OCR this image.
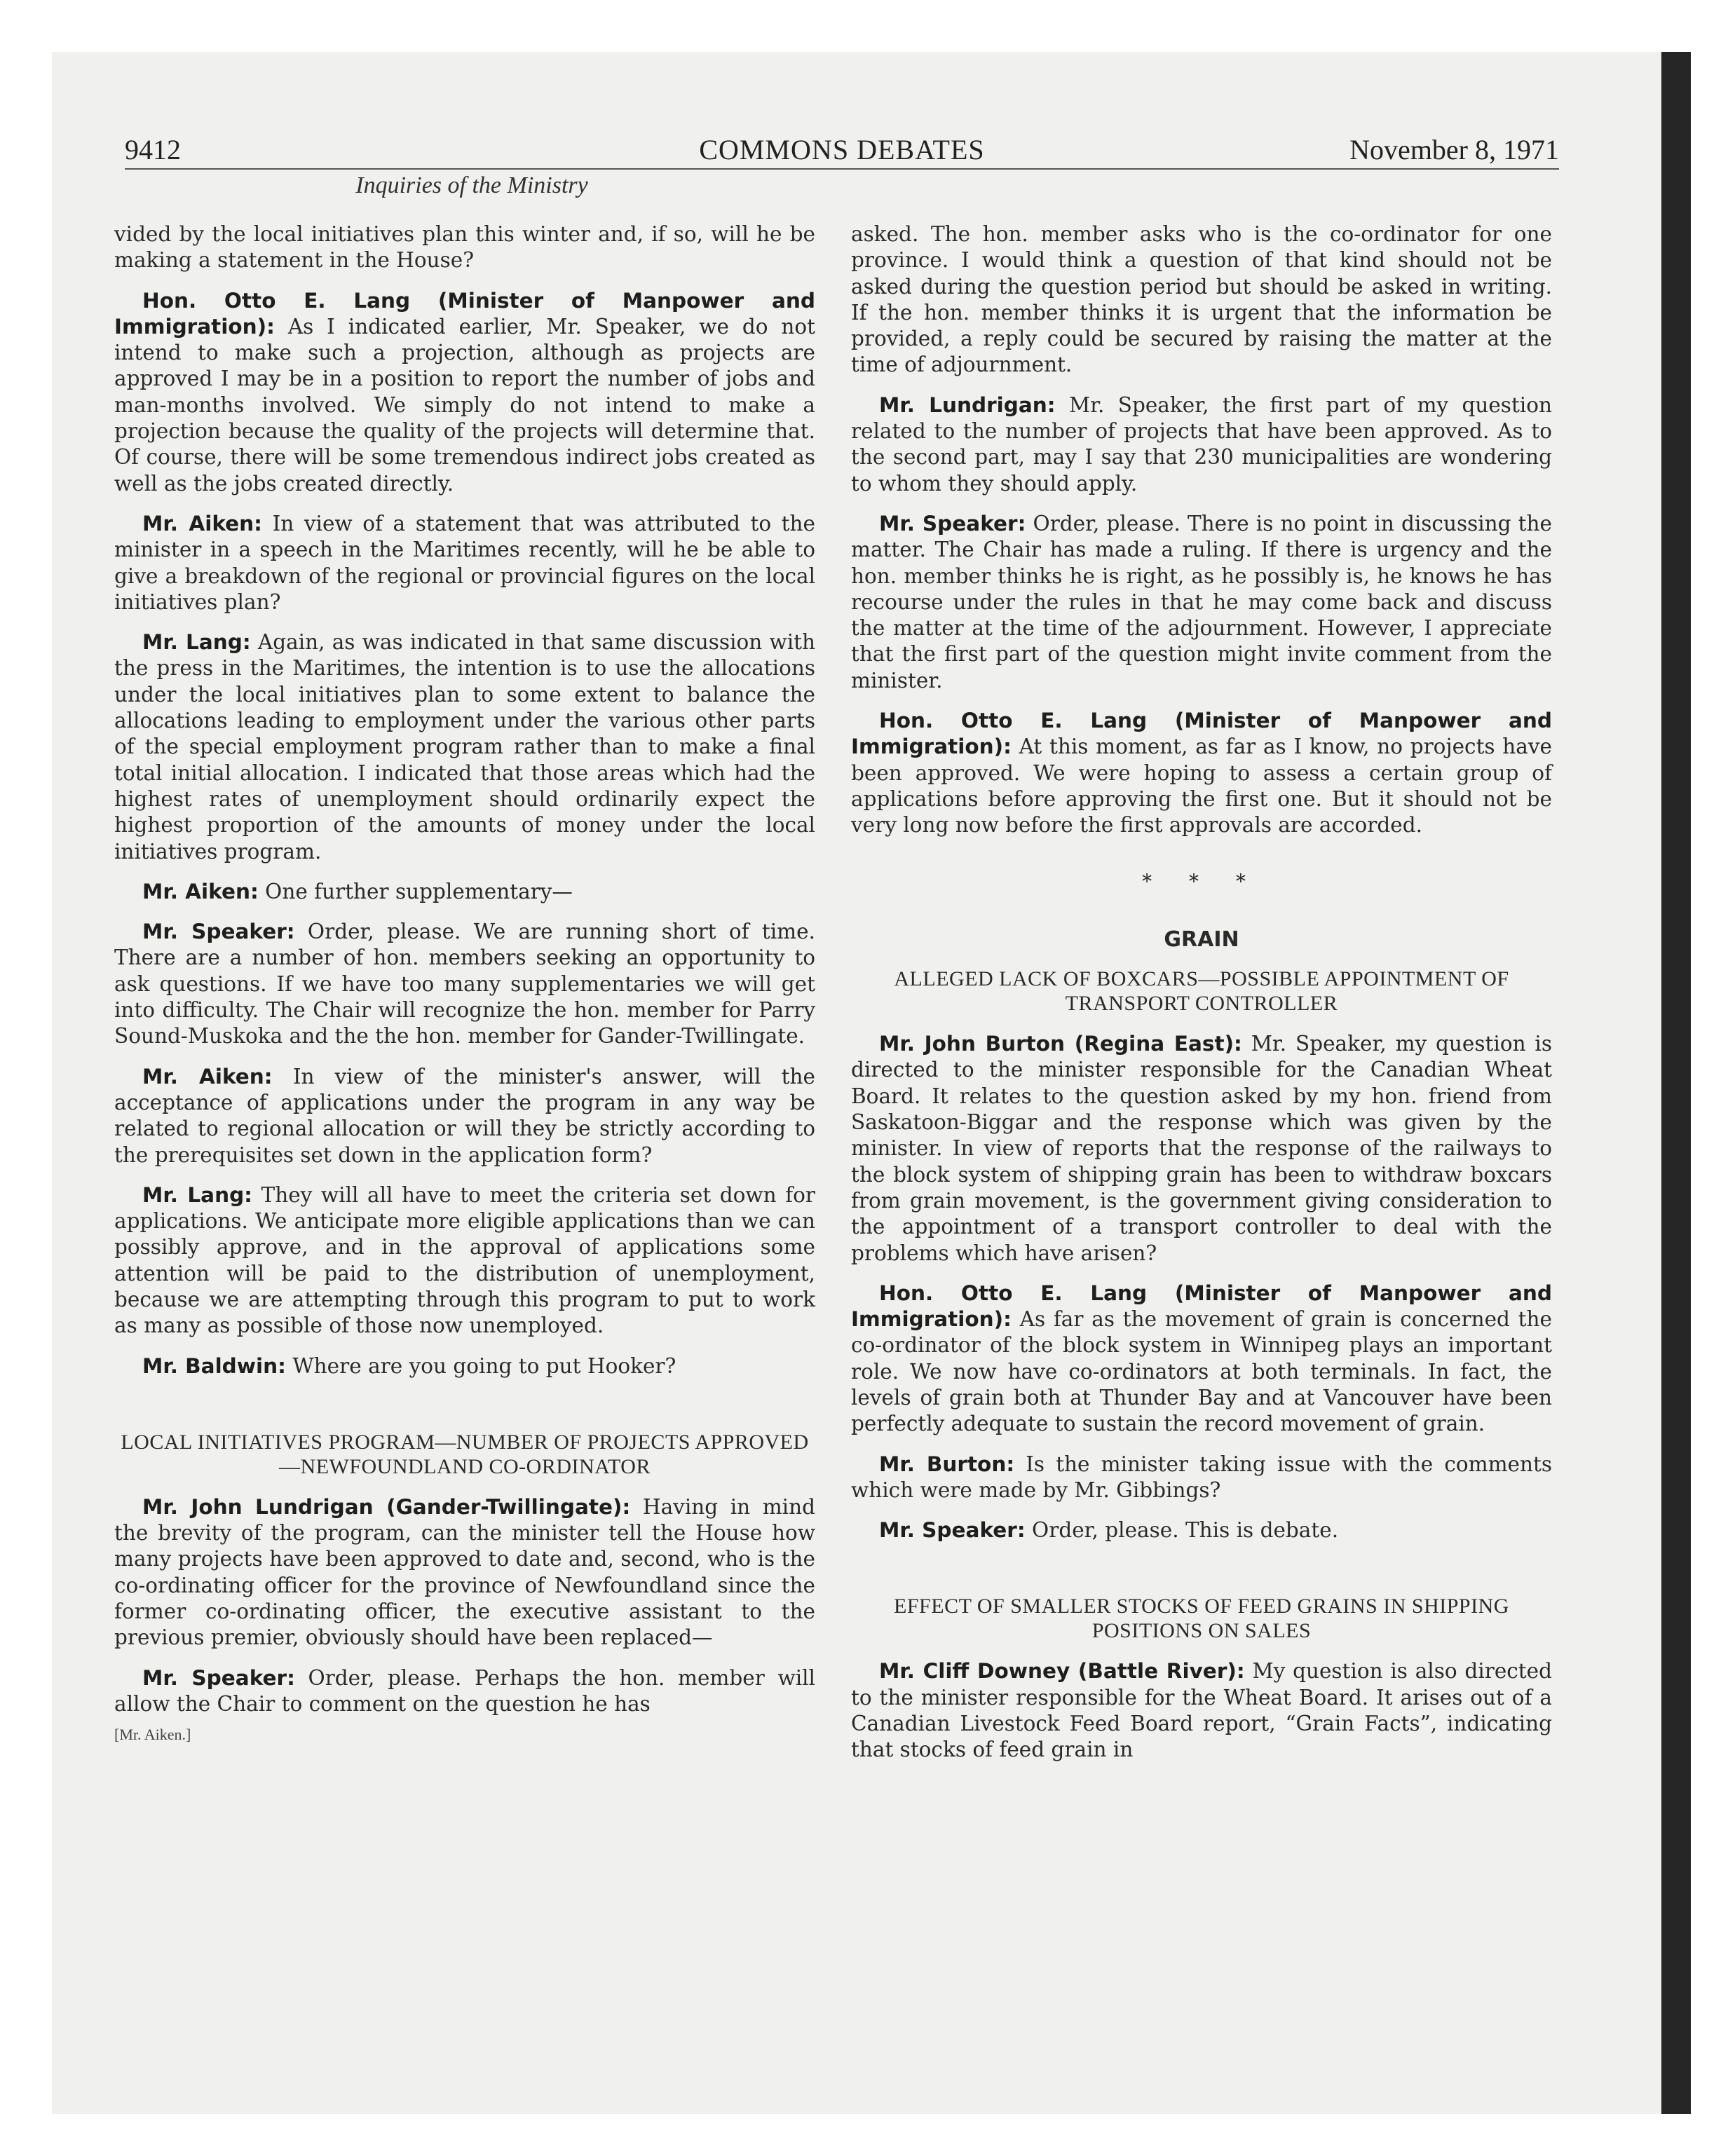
9412	COMMONS DEBATES	November 8, 1971
Inquiries of the Ministry

vided by the local initiatives plan this winter and, if so, will he be making a statement in the House?

Hon. Otto E. Lang (Minister of Manpower and Immigration): As I indicated earlier, Mr. Speaker, we do not intend to make such a projection, although as projects are approved I may be in a position to report the number of jobs and man-months involved. We simply do not intend to make a projection because the quality of the projects will determine that. Of course, there will be some tremendous indirect jobs created as well as the jobs created directly.

Mr. Aiken: In view of a statement that was attributed to the minister in a speech in the Maritimes recently, will he be able to give a breakdown of the regional or provincial figures on the local initiatives plan?

Mr. Lang: Again, as was indicated in that same discussion with the press in the Maritimes, the intention is to use the allocations under the local initiatives plan to some extent to balance the allocations leading to employment under the various other parts of the special employment program rather than to make a final total initial allocation. I indicated that those areas which had the highest rates of unemployment should ordinarily expect the highest proportion of the amounts of money under the local initiatives program.

Mr. Aiken: One further supplementary—

Mr. Speaker: Order, please. We are running short of time. There are a number of hon. members seeking an opportunity to ask questions. If we have too many supplementaries we will get into difficulty. The Chair will recognize the hon. member for Parry Sound-Muskoka and the the hon. member for Gander-Twillingate.

Mr. Aiken: In view of the minister's answer, will the acceptance of applications under the program in any way be related to regional allocation or will they be strictly according to the prerequisites set down in the application form?

Mr. Lang: They will all have to meet the criteria set down for applications. We anticipate more eligible applications than we can possibly approve, and in the approval of applications some attention will be paid to the distribution of unemployment, because we are attempting through this program to put to work as many as possible of those now unemployed.

Mr. Baldwin: Where are you going to put Hooker?

LOCAL INITIATIVES PROGRAM—NUMBER OF PROJECTS APPROVED—NEWFOUNDLAND CO-ORDINATOR

Mr. John Lundrigan (Gander-Twillingate): Having in mind the brevity of the program, can the minister tell the House how many projects have been approved to date and, second, who is the co-ordinating officer for the province of Newfoundland since the former co-ordinating officer, the executive assistant to the previous premier, obviously should have been replaced—

Mr. Speaker: Order, please. Perhaps the hon. member will allow the Chair to comment on the question he has

[Mr. Aiken.]

asked. The hon. member asks who is the co-ordinator for one province. I would think a question of that kind should not be asked during the question period but should be asked in writing. If the hon. member thinks it is urgent that the information be provided, a reply could be secured by raising the matter at the time of adjournment.

Mr. Lundrigan: Mr. Speaker, the first part of my question related to the number of projects that have been approved. As to the second part, may I say that 230 municipalities are wondering to whom they should apply.

Mr. Speaker: Order, please. There is no point in discussing the matter. The Chair has made a ruling. If there is urgency and the hon. member thinks he is right, as he possibly is, he knows he has recourse under the rules in that he may come back and discuss the matter at the time of the adjournment. However, I appreciate that the first part of the question might invite comment from the minister.

Hon. Otto E. Lang (Minister of Manpower and Immigration): At this moment, as far as I know, no projects have been approved. We were hoping to assess a certain group of applications before approving the first one. But it should not be very long now before the first approvals are accorded.

* * *
GRAIN
ALLEGED LACK OF BOXCARS—POSSIBLE APPOINTMENT OF TRANSPORT CONTROLLER

Mr. John Burton (Regina East): Mr. Speaker, my question is directed to the minister responsible for the Canadian Wheat Board. It relates to the question asked by my hon. friend from Saskatoon-Biggar and the response which was given by the minister. In view of reports that the response of the railways to the block system of shipping grain has been to withdraw boxcars from grain movement, is the government giving consideration to the appointment of a transport controller to deal with the problems which have arisen?

Hon. Otto E. Lang (Minister of Manpower and Immigration): As far as the movement of grain is concerned the co-ordinator of the block system in Winnipeg plays an important role. We now have co-ordinators at both terminals. In fact, the levels of grain both at Thunder Bay and at Vancouver have been perfectly adequate to sustain the record movement of grain.

Mr. Burton: Is the minister taking issue with the comments which were made by Mr. Gibbings?

Mr. Speaker: Order, please. This is debate.

EFFECT OF SMALLER STOCKS OF FEED GRAINS IN SHIPPING POSITIONS ON SALES

Mr. Cliff Downey (Battle River): My question is also directed to the minister responsible for the Wheat Board. It arises out of a Canadian Livestock Feed Board report, “Grain Facts”, indicating that stocks of feed grain in
